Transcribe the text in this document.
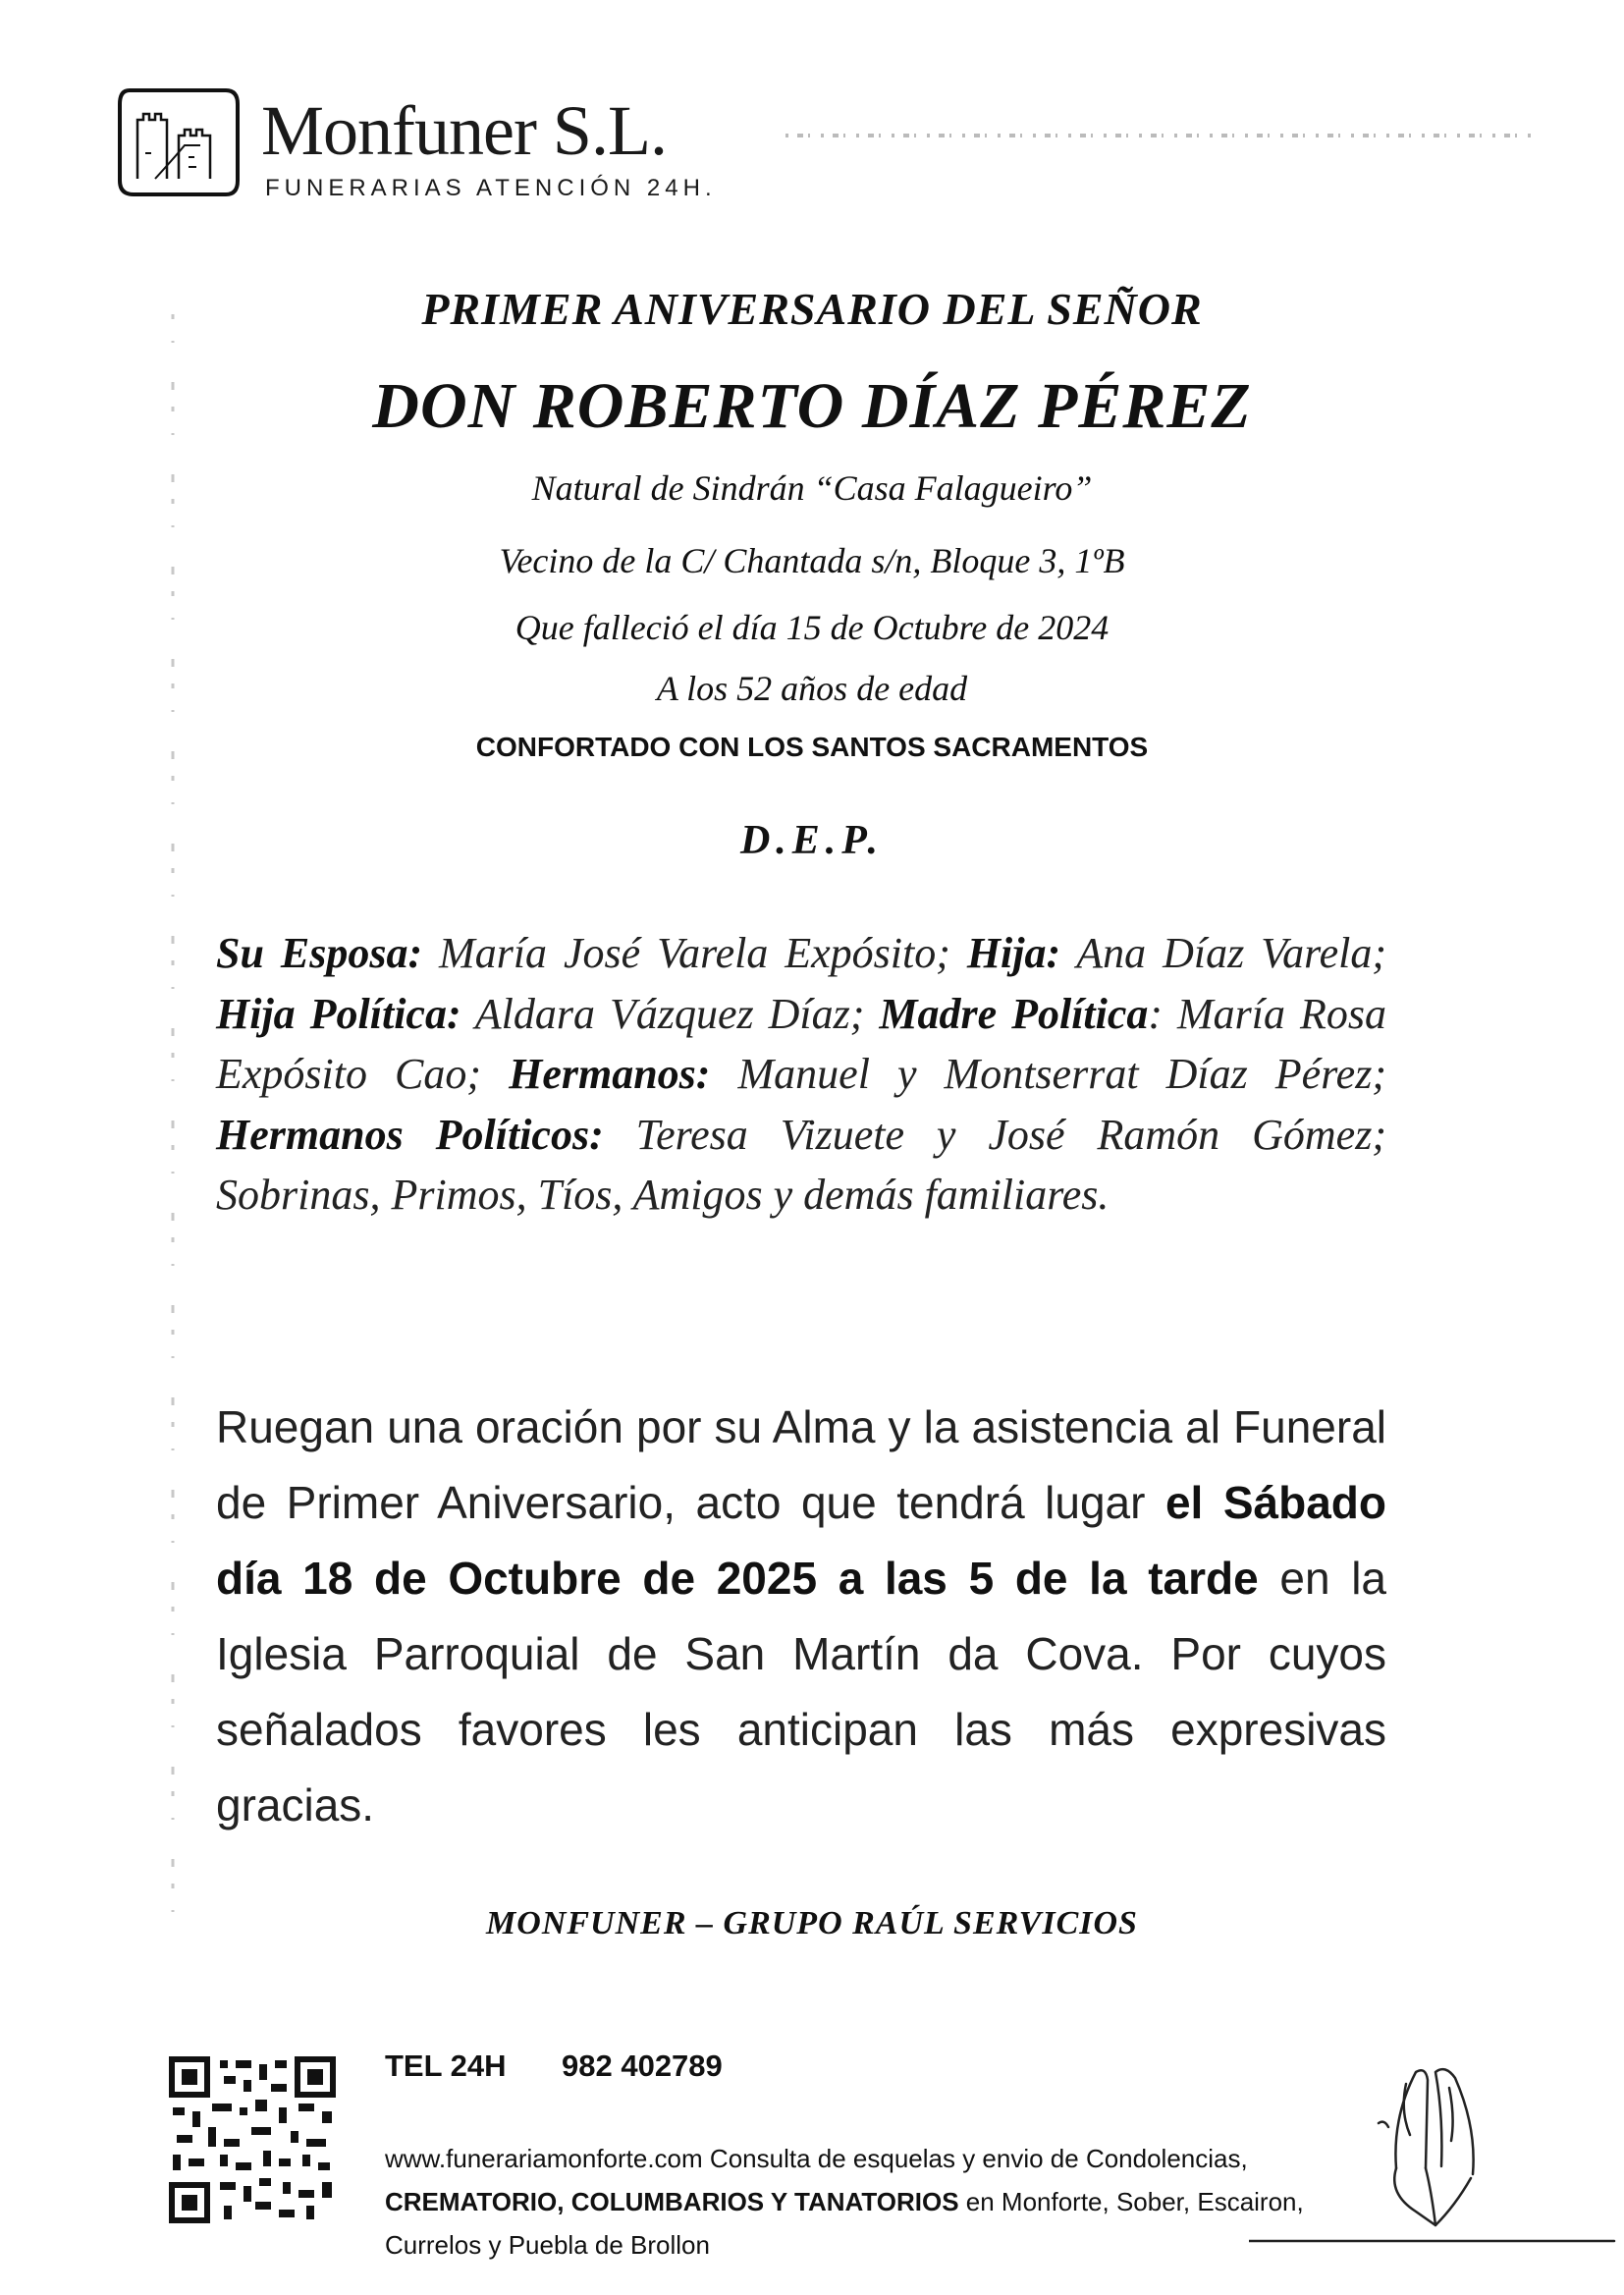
Monfuner S.L.
FUNERARIAS ATENCIÓN 24H.
PRIMER ANIVERSARIO DEL SEÑOR
DON ROBERTO DÍAZ PÉREZ
Natural de Sindrán “Casa Falagueiro”
Vecino de la C/ Chantada s/n, Bloque 3, 1ºB
Que falleció el día 15 de Octubre de 2024
A los 52 años de edad
CONFORTADO CON LOS SANTOS SACRAMENTOS
D.E.P.
Su Esposa: María José Varela Expósito; Hija: Ana Díaz Varela; Hija Política: Aldara Vázquez Díaz; Madre Política: María Rosa Expósito Cao; Hermanos: Manuel y Montserrat Díaz Pérez; Hermanos Políticos: Teresa Vizuete y José Ramón Gómez; Sobrinas, Primos, Tíos, Amigos y demás familiares.
Ruegan una oración por su Alma y la asistencia al Funeral de Primer Aniversario, acto que tendrá lugar el Sábado día 18 de Octubre de 2025 a las 5 de la tarde en la Iglesia Parroquial de San Martín da Cova. Por cuyos señalados favores les anticipan las más expresivas gracias.
MONFUNER – GRUPO RAÚL SERVICIOS
TEL 24H 982 402789
www.funerariamonforte.com Consulta de esquelas y envio de Condolencias, CREMATORIO, COLUMBARIOS Y TANATORIOS en Monforte, Sober, Escairon, Currelos y Puebla de Brollon
